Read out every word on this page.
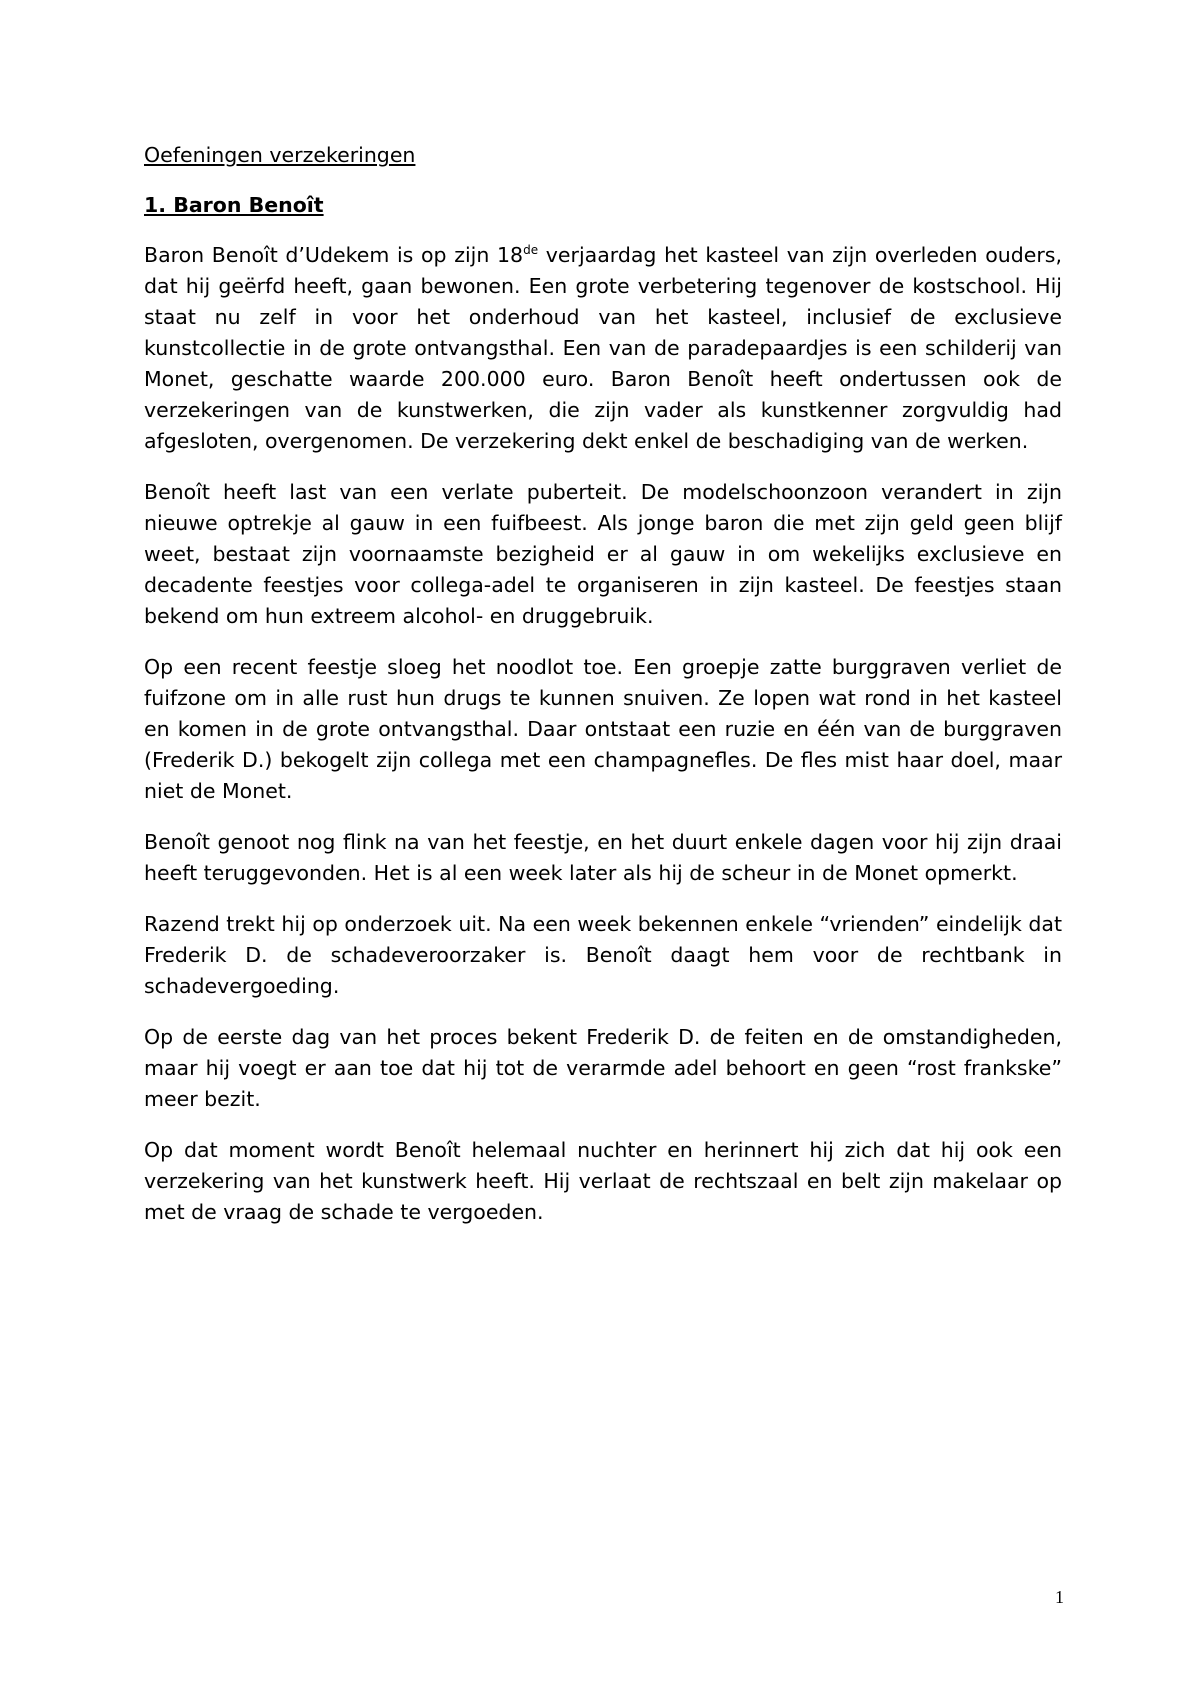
Oefeningen verzekeringen
1. Baron Benoît

Baron Benoît d’Udekem is op zijn 18de verjaardag het kasteel van zijn overleden ouders, dat hij geërfd heeft, gaan bewonen. Een grote verbetering tegenover de kostschool. Hij staat nu zelf in voor het onderhoud van het kasteel, inclusief de exclusieve kunstcollectie in de grote ontvangsthal. Een van de paradepaardjes is een schilderij van Monet, geschatte waarde 200.000 euro. Baron Benoît heeft ondertussen ook de verzekeringen van de kunstwerken, die zijn vader als kunstkenner zorgvuldig had afgesloten, overgenomen. De verzekering dekt enkel de beschadiging van de werken.

Benoît heeft last van een verlate puberteit. De modelschoonzoon verandert in zijn nieuwe optrekje al gauw in een fuifbeest. Als jonge baron die met zijn geld geen blijf weet, bestaat zijn voornaamste bezigheid er al gauw in om wekelijks exclusieve en decadente feestjes voor collega-adel te organiseren in zijn kasteel. De feestjes staan bekend om hun extreem alcohol- en druggebruik.

Op een recent feestje sloeg het noodlot toe. Een groepje zatte burggraven verliet de fuifzone om in alle rust hun drugs te kunnen snuiven. Ze lopen wat rond in het kasteel en komen in de grote ontvangsthal. Daar ontstaat een ruzie en één van de burggraven (Frederik D.) bekogelt zijn collega met een champagnefles. De fles mist haar doel, maar niet de Monet.

Benoît genoot nog flink na van het feestje, en het duurt enkele dagen voor hij zijn draai heeft teruggevonden. Het is al een week later als hij de scheur in de Monet opmerkt.

Razend trekt hij op onderzoek uit. Na een week bekennen enkele “vrienden” eindelijk dat Frederik D. de schadeveroorzaker is. Benoît daagt hem voor de rechtbank in schadevergoeding.

Op de eerste dag van het proces bekent Frederik D. de feiten en de omstandigheden, maar hij voegt er aan toe dat hij tot de verarmde adel behoort en geen “rost frankske” meer bezit.

Op dat moment wordt Benoît helemaal nuchter en herinnert hij zich dat hij ook een verzekering van het kunstwerk heeft. Hij verlaat de rechtszaal en belt zijn makelaar op met de vraag de schade te vergoeden.

1
